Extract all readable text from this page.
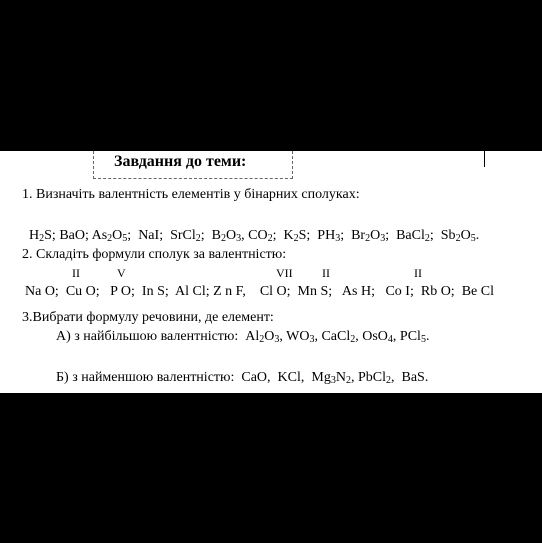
Завдання до теми:
1. Визначіть валентність елементів у бінарних сполуках:
$H_2S$; BaO; $As_2O_5$;  NaI;  SrCl$_2$;  $B_2O_3$, $CO_2$;  $K_2S$;  $PH_3$;  $Br_2O_3$;  BaCl$_2$;  $Sb_2O_5$.
2. Складіть формули сполук за валентністю:
II	V	VII II	II
Na O;  Cu O;   P O;  In S;  Al Cl; Z n F,    Cl O;  Mn S;   As H;   Co I;  Rb O;  Be Cl
3.Вибрати формулу речовини, де елемент:
А) з найбільшою валентністю: $Al_2O_3$, $WO_3$, CaCl$_2$, OsO$_4$, PCl$_5$.
Б) з найменшою валентністю: CaO,  KCl,  $Mg_3N_2$, PbCl$_2$,  BaS.
